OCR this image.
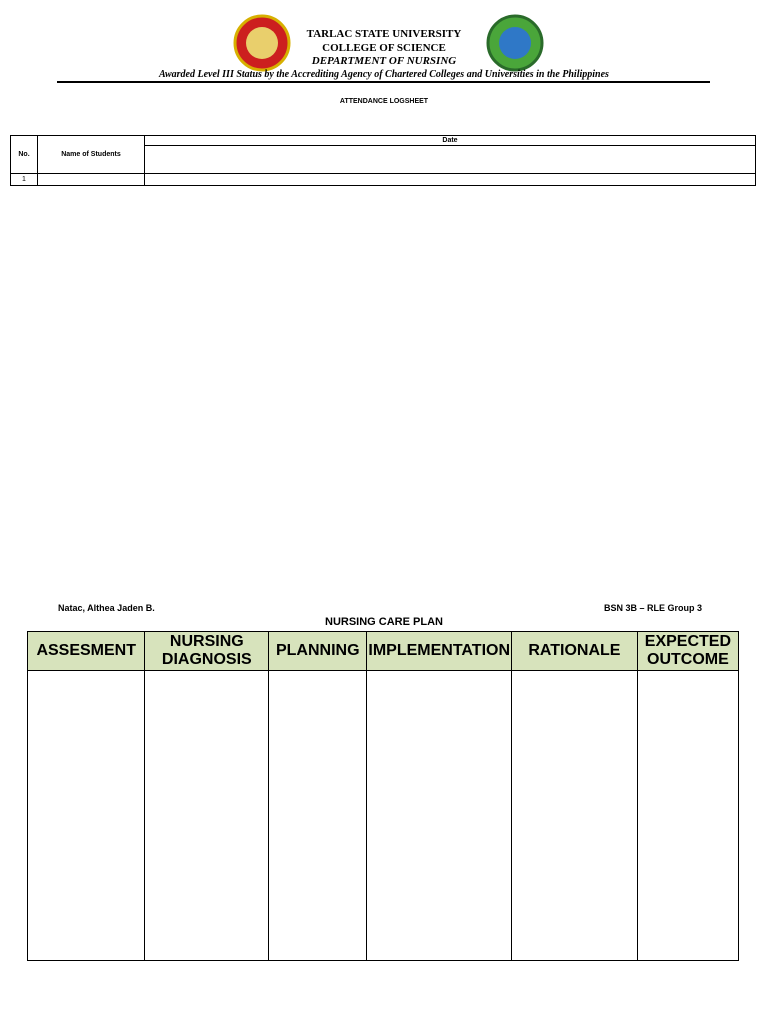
TARLAC STATE UNIVERSITY
COLLEGE OF SCIENCE
DEPARTMENT OF NURSING
Awarded Level III Status by the Accrediting Agency of Chartered Colleges and Universities in the Philippines
ATTENDANCE LOGSHEET
No.	Name of Students	Date

1		
Natac, Althea Jaden B.	BSN 3B – RLE Group 3
NURSING CARE PLAN
ASSESMENT	NURSING DIAGNOSIS	PLANNING	IMPLEMENTATION	RATIONALE	EXPECTED OUTCOME
